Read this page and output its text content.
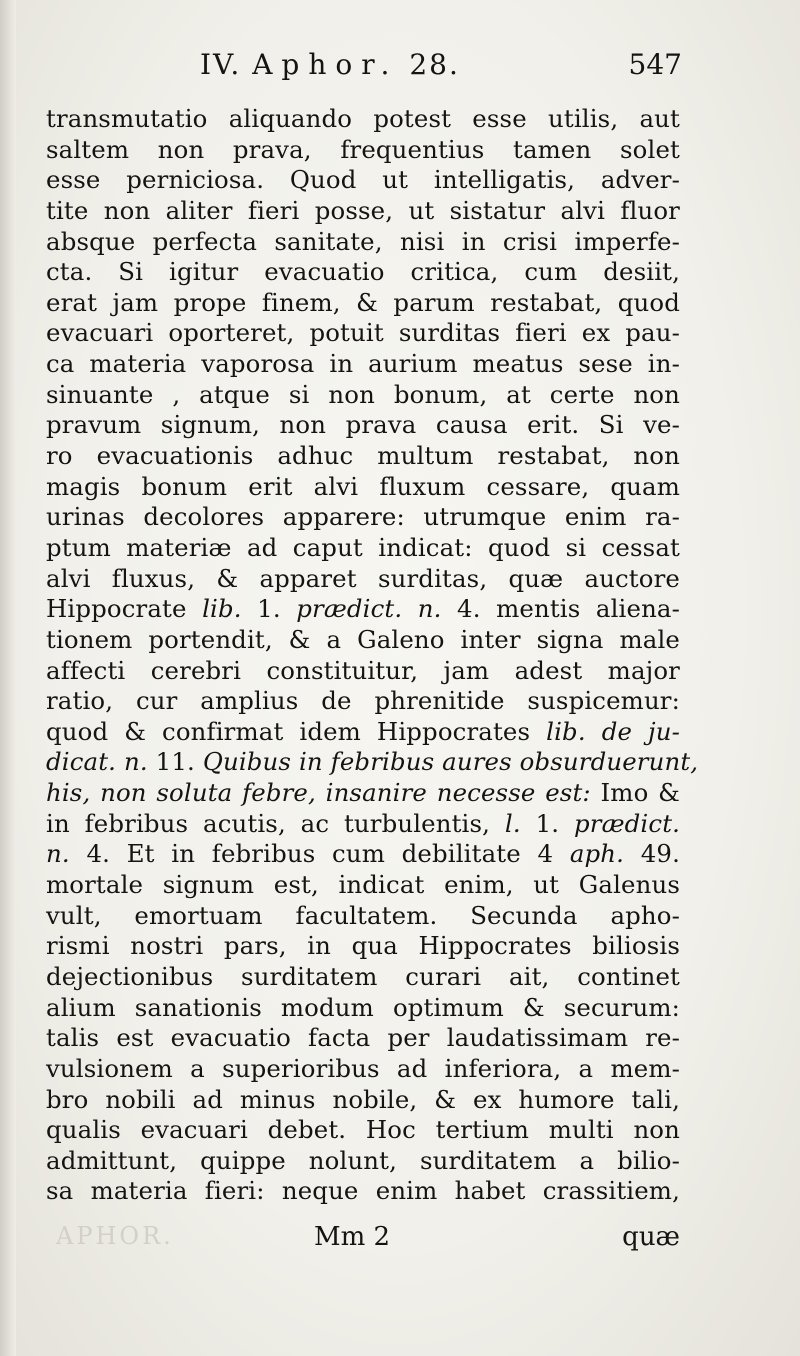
IV. Aphor. 28.	547
transmutatio aliquando potest esse utilis, aut
saltem non prava, frequentius tamen solet
esse perniciosa. Quod ut intelligatis, adver-
tite non aliter fieri posse, ut sistatur alvi fluor
absque perfecta sanitate, nisi in crisi imperfe-
cta. Si igitur evacuatio critica, cum desiit,
erat jam prope finem, & parum restabat, quod
evacuari oporteret, potuit surditas fieri ex pau-
ca materia vaporosa in aurium meatus sese in-
sinuante , atque si non bonum, at certe non
pravum signum, non prava causa erit. Si ve-
ro evacuationis adhuc multum restabat, non
magis bonum erit alvi fluxum cessare, quam
urinas decolores apparere: utrumque enim ra-
ptum materiæ ad caput indicat: quod si cessat
alvi fluxus, & apparet surditas, quæ auctore
Hippocrate lib. 1. prædict. n. 4. mentis aliena-
tionem portendit, & a Galeno inter signa male
affecti cerebri constituitur, jam adest major
ratio, cur amplius de phrenitide suspicemur:
quod & confirmat idem Hippocrates lib. de ju-
dicat. n. 11. Quibus in febribus aures obsurduerunt,
his, non soluta febre, insanire necesse est: Imo &
in febribus acutis, ac turbulentis, l. 1. prædict.
n. 4. Et in febribus cum debilitate 4 aph. 49.
mortale signum est, indicat enim, ut Galenus
vult, emortuam facultatem. Secunda apho-
rismi nostri pars, in qua Hippocrates biliosis
dejectionibus surditatem curari ait, continet
alium sanationis modum optimum & securum:
talis est evacuatio facta per laudatissimam re-
vulsionem a superioribus ad inferiora, a mem-
bro nobili ad minus nobile, & ex humore tali,
qualis evacuari debet. Hoc tertium multi non
admittunt, quippe nolunt, surditatem a bilio-
sa materia fieri: neque enim habet crassitiem,
APHOR.	Mm 2	quæ
